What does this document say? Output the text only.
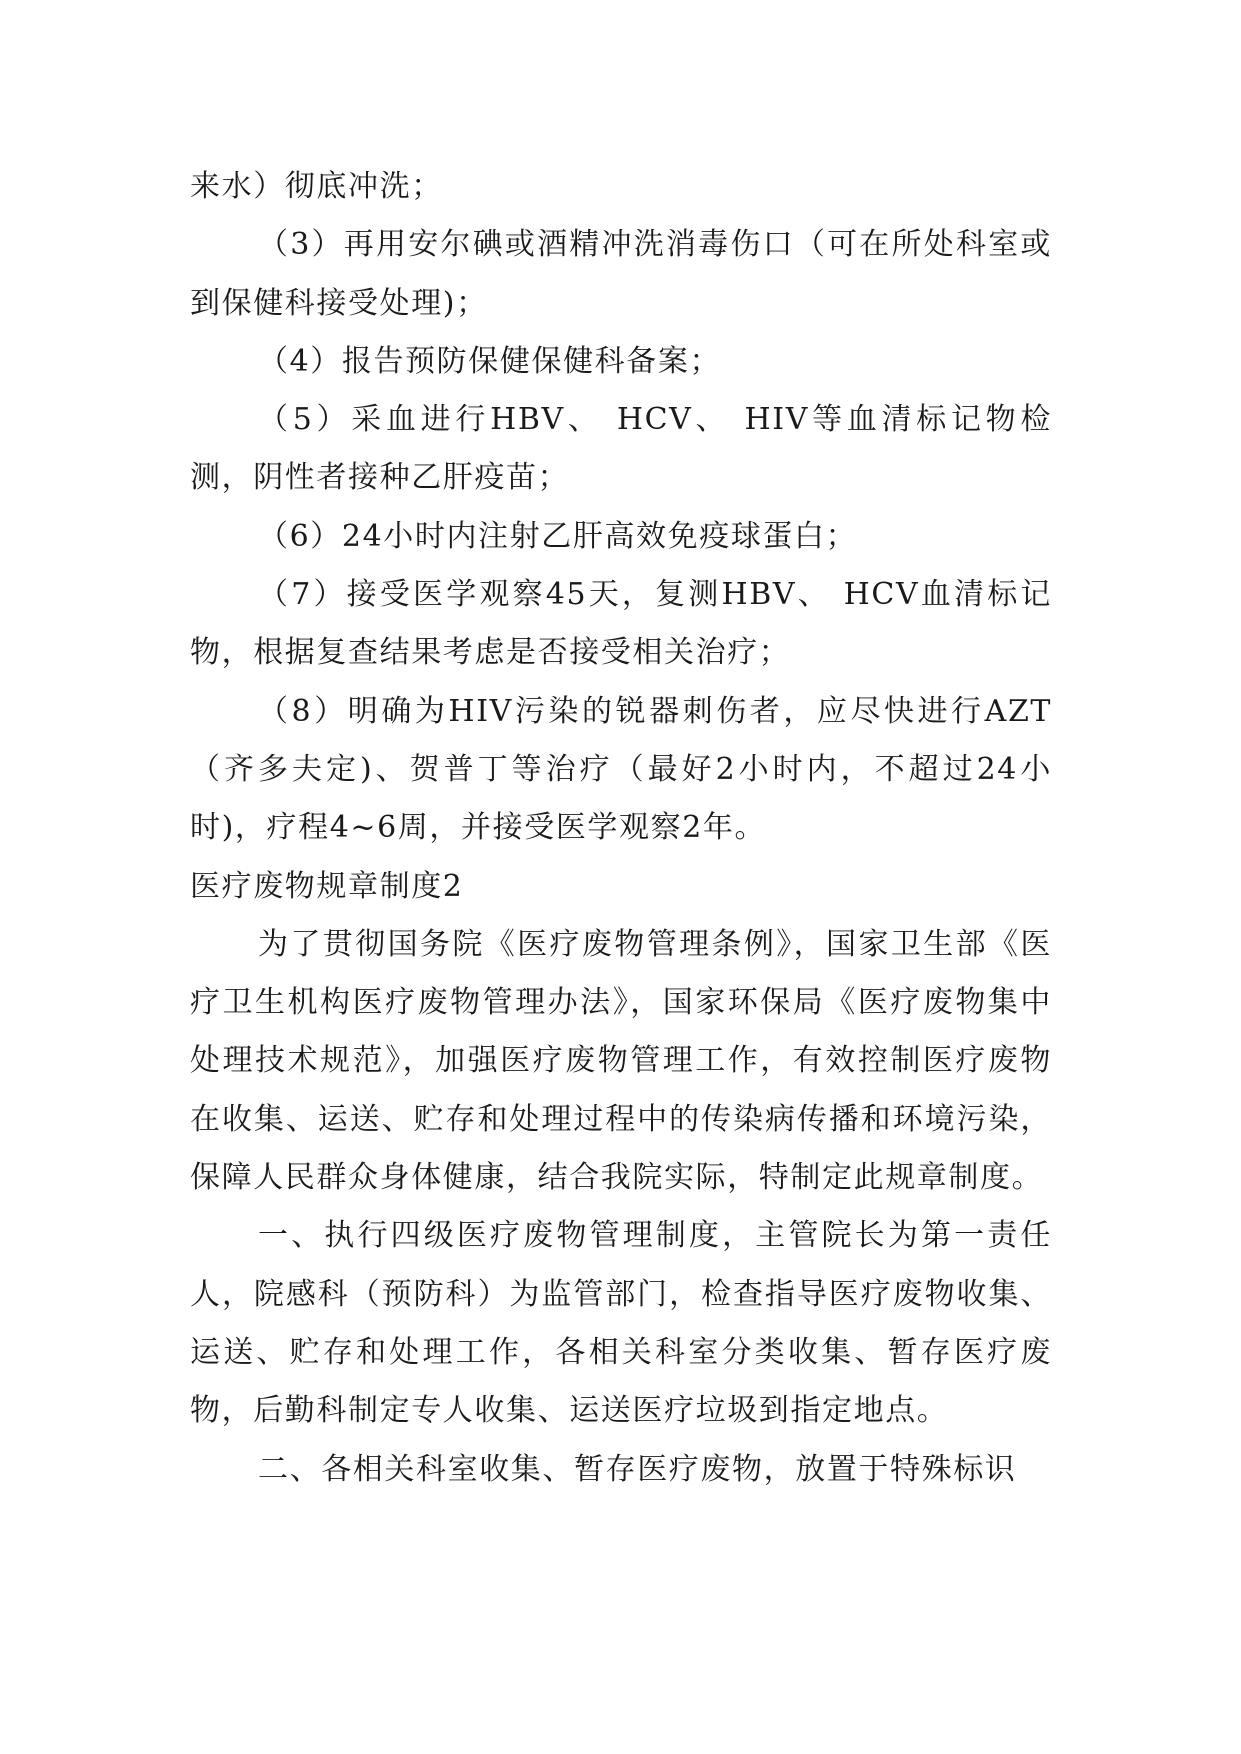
来水）彻底冲洗；

（3）再用安尔碘或酒精冲洗消毒伤口（可在所处科室或到保健科接受处理)；

（4）报告预防保健保健科备案；

（5）采血进行HBV、 HCV、 HIV等血清标记物检测，阴性者接种乙肝疫苗；

（6）24小时内注射乙肝高效免疫球蛋白；

（7）接受医学观察45天，复测HBV、 HCV血清标记物，根据复查结果考虑是否接受相关治疗；

（8）明确为HIV污染的锐器刺伤者，应尽快进行AZT（齐多夫定)、贺普丁等治疗（最好2小时内，不超过24小时)，疗程4~6周，并接受医学观察2年。

医疗废物规章制度2

为了贯彻国务院《医疗废物管理条例》，国家卫生部《医疗卫生机构医疗废物管理办法》，国家环保局《医疗废物集中处理技术规范》，加强医疗废物管理工作，有效控制医疗废物在收集、运送、贮存和处理过程中的传染病传播和环境污染，保障人民群众身体健康，结合我院实际，特制定此规章制度。

一、执行四级医疗废物管理制度，主管院长为第一责任人，院感科（预防科）为监管部门，检查指导医疗废物收集、运送、贮存和处理工作，各相关科室分类收集、暂存医疗废物，后勤科制定专人收集、运送医疗垃圾到指定地点。

二、各相关科室收集、暂存医疗废物，放置于特殊标识
